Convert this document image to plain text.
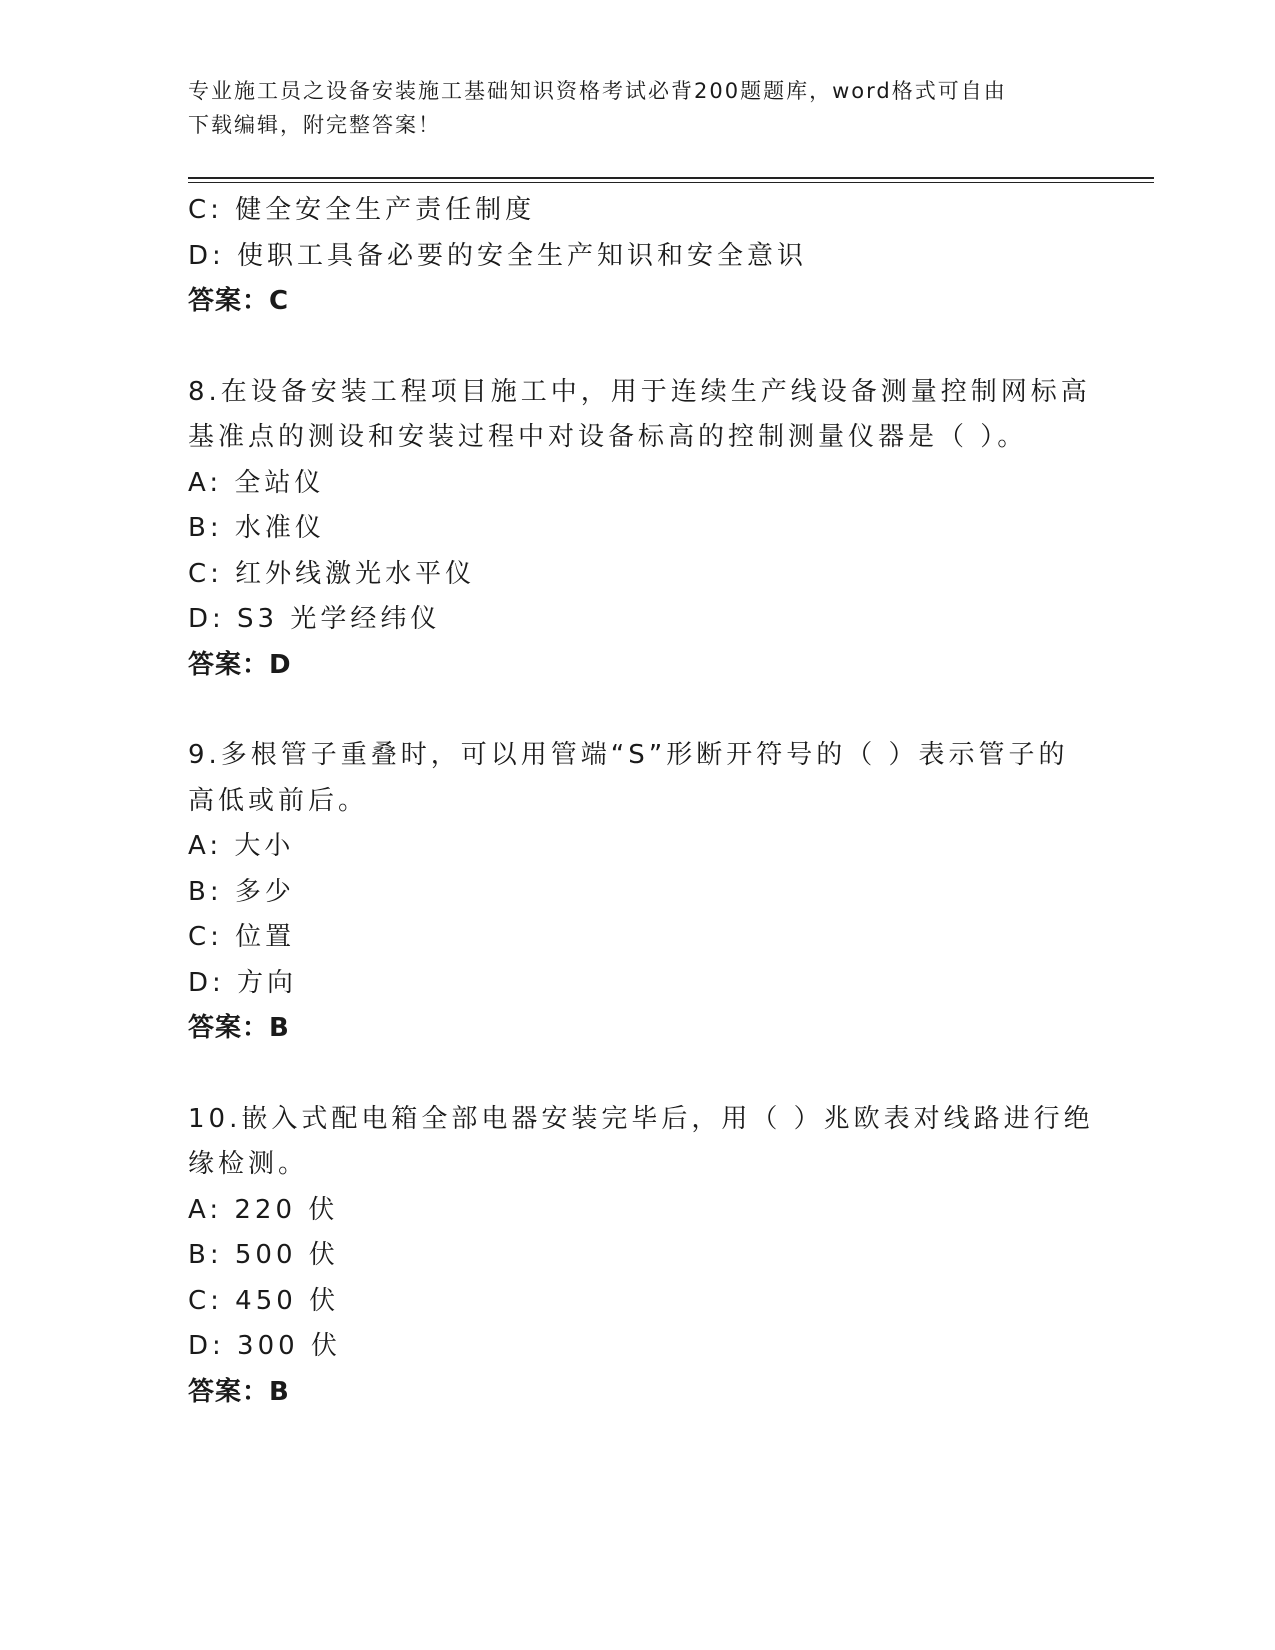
专业施工员之设备安装施工基础知识资格考试必背200题题库，word格式可自由
下载编辑，附完整答案！
C: 健全安全生产责任制度
D: 使职工具备必要的安全生产知识和安全意识
答案：C
8.在设备安装工程项目施工中，用于连续生产线设备测量控制网标高
基准点的测设和安装过程中对设备标高的控制测量仪器是（ ）。
A: 全站仪
B: 水准仪
C: 红外线激光水平仪
D: S3 光学经纬仪
答案：D
9.多根管子重叠时，可以用管端“S”形断开符号的（ ）表示管子的
高低或前后。
A: 大小
B: 多少
C: 位置
D: 方向
答案：B
10.嵌入式配电箱全部电器安装完毕后，用（ ）兆欧表对线路进行绝
缘检测。
A: 220 伏
B: 500 伏
C: 450 伏
D: 300 伏
答案：B
